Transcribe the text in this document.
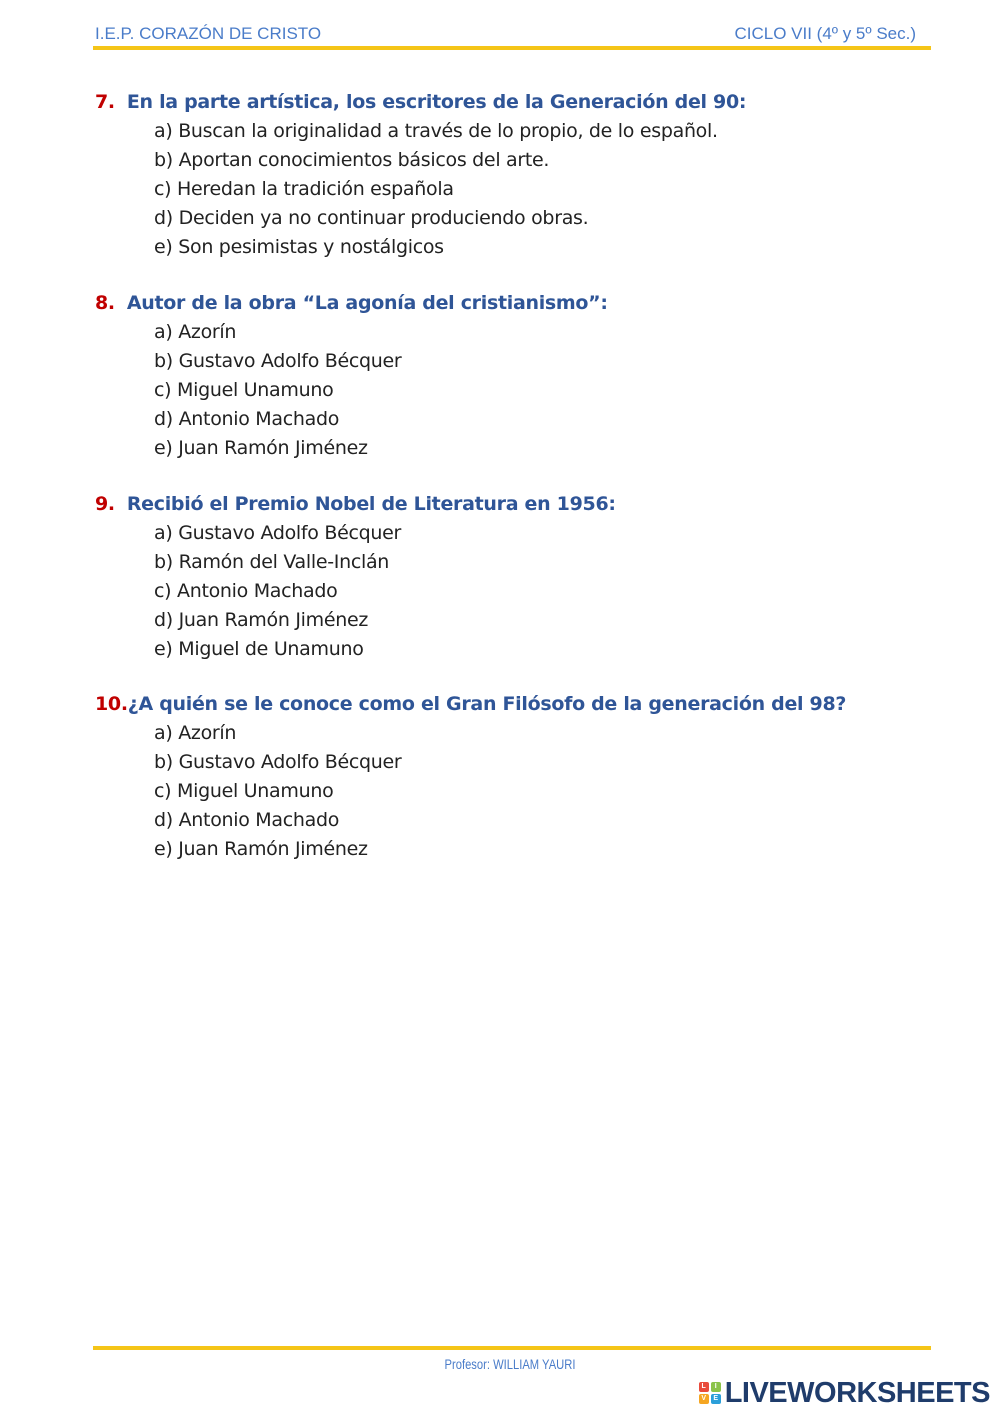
I.E.P. CORAZÓN DE CRISTO	CICLO VII (4º y 5º Sec.)
7. En la parte artística, los escritores de la Generación del 90:
a) Buscan la originalidad a través de lo propio, de lo español.
b) Aportan conocimientos básicos del arte.
c) Heredan la tradición española
d) Deciden ya no continuar produciendo obras.
e) Son pesimistas y nostálgicos
8. Autor de la obra “La agonía del cristianismo”:
a) Azorín
b) Gustavo Adolfo Bécquer
c) Miguel Unamuno
d) Antonio Machado
e) Juan Ramón Jiménez
9. Recibió el Premio Nobel de Literatura en 1956:
a) Gustavo Adolfo Bécquer
b) Ramón del Valle-Inclán
c) Antonio Machado
d) Juan Ramón Jiménez
e) Miguel de Unamuno
10.¿A quién se le conoce como el Gran Filósofo de la generación del 98?
a) Azorín
b) Gustavo Adolfo Bécquer
c) Miguel Unamuno
d) Antonio Machado
e) Juan Ramón Jiménez
Profesor: WILLIAM YAURI
L	I
V	E LIVEWORKSHEETS
